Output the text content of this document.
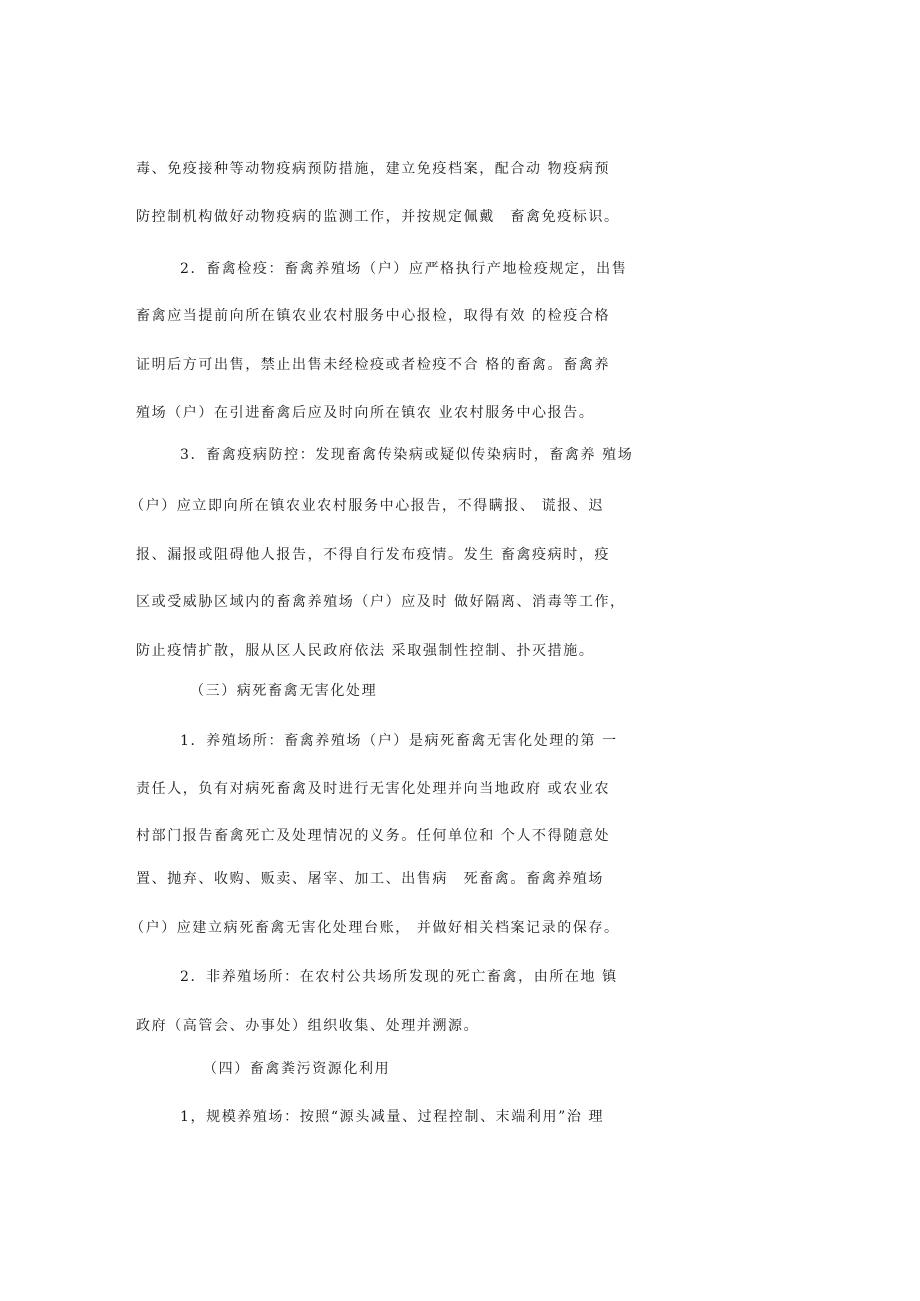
毒、免疫接种等动物疫病预防措施，建立免疫档案，配合动 物疫病预
防控制机构做好动物疫病的监测工作，并按规定佩戴　畜禽免疫标识。
2．畜禽检疫：畜禽养殖场（户）应严格执行产地检疫规定，出售
畜禽应当提前向所在镇农业农村服务中心报检，取得有效 的检疫合格
证明后方可出售，禁止出售未经检疫或者检疫不合 格的畜禽。畜禽养
殖场（户）在引进畜禽后应及时向所在镇农 业农村服务中心报告。
3．畜禽疫病防控：发现畜禽传染病或疑似传染病时，畜禽养 殖场
（户）应立即向所在镇农业农村服务中心报告，不得瞒报、 谎报、迟
报、漏报或阻碍他人报告，不得自行发布疫情。发生 畜禽疫病时，疫
区或受威胁区域内的畜禽养殖场（户）应及时 做好隔离、消毒等工作，
防止疫情扩散，服从区人民政府依法 采取强制性控制、扑灭措施。
（三）病死畜禽无害化处理
1．养殖场所：畜禽养殖场（户）是病死畜禽无害化处理的第 一
责任人，负有对病死畜禽及时进行无害化处理并向当地政府 或农业农
村部门报告畜禽死亡及处理情况的义务。任何单位和 个人不得随意处
置、抛弃、收购、贩卖、屠宰、加工、出售病　死畜禽。畜禽养殖场
（户）应建立病死畜禽无害化处理台账， 并做好相关档案记录的保存。
2．非养殖场所：在农村公共场所发现的死亡畜禽，由所在地 镇
政府（高管会、办事处）组织收集、处理并溯源。
（四）畜禽粪污资源化利用
1，规模养殖场：按照“源头减量、过程控制、末端利用”治 理
